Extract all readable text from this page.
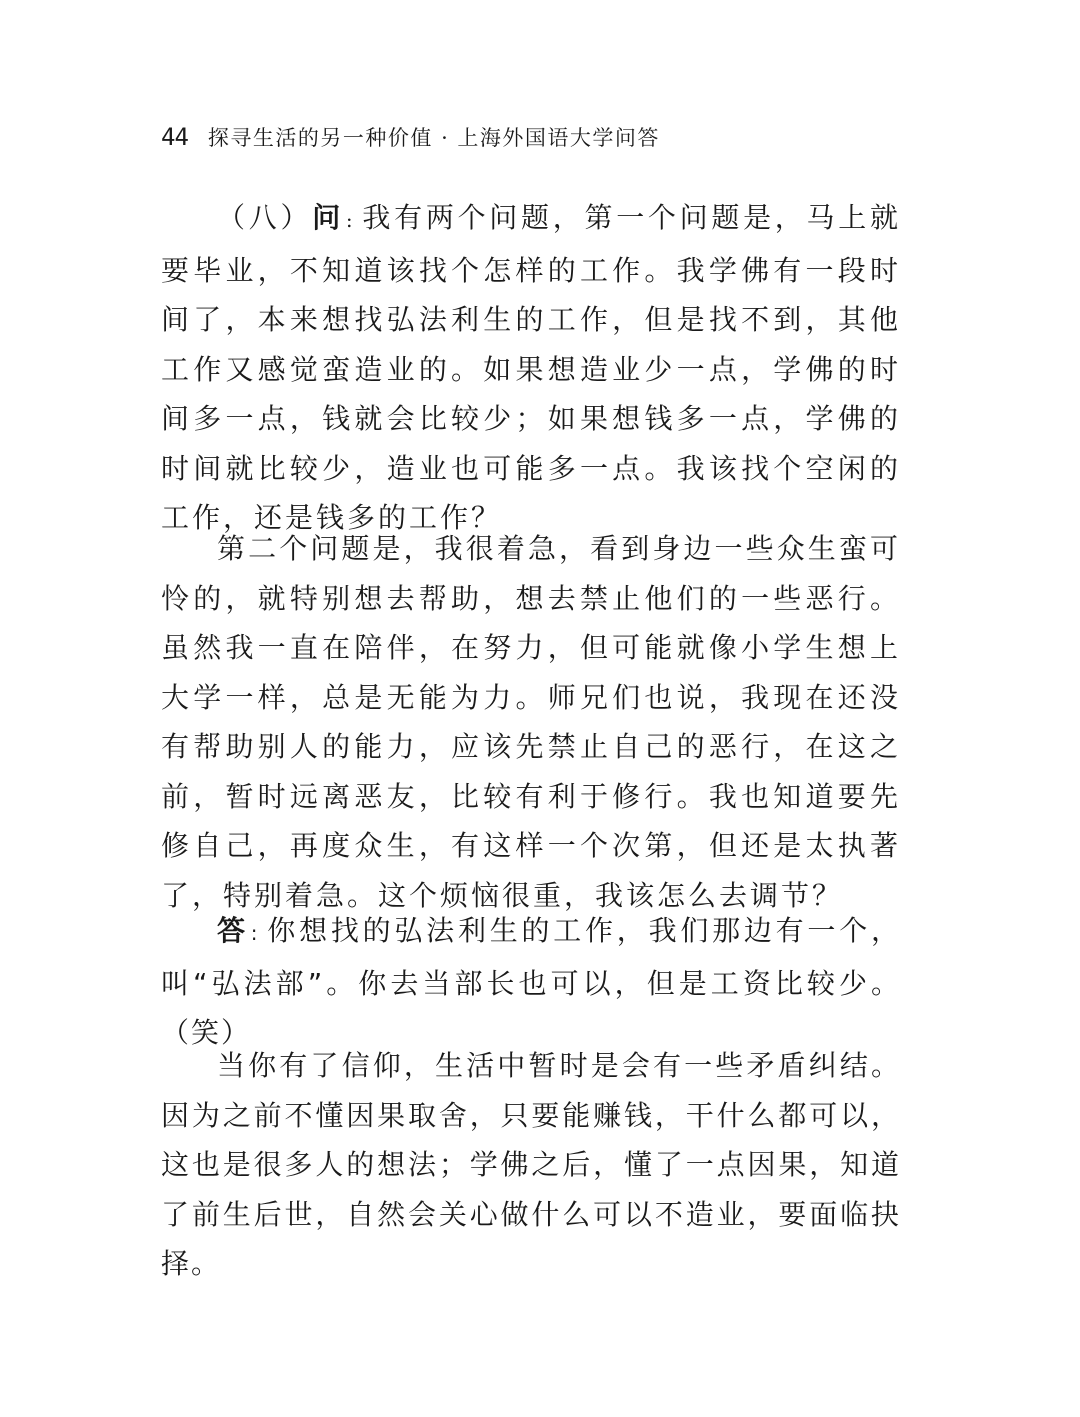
44 探寻生活的另一种价值 · 上海外国语大学问答

（八）问 : 我有两个问题，第一个问题是，马上就要毕业，不知道该找个怎样的工作。我学佛有一段时间了，本来想找弘法利生的工作，但是找不到，其他工作又感觉蛮造业的。如果想造业少一点，学佛的时间多一点，钱就会比较少；如果想钱多一点，学佛的时间就比较少，造业也可能多一点。我该找个空闲的工作，还是钱多的工作？

第二个问题是，我很着急，看到身边一些众生蛮可怜的，就特别想去帮助，想去禁止他们的一些恶行。虽然我一直在陪伴，在努力，但可能就像小学生想上大学一样，总是无能为力。师兄们也说，我现在还没有帮助别人的能力，应该先禁止自己的恶行，在这之前，暂时远离恶友，比较有利于修行。我也知道要先修自己，再度众生，有这样一个次第，但还是太执著了，特别着急。这个烦恼很重，我该怎么去调节？

答 : 你想找的弘法利生的工作，我们那边有一个，叫“弘法部”。你去当部长也可以，但是工资比较少。（笑）

当你有了信仰，生活中暂时是会有一些矛盾纠结。因为之前不懂因果取舍，只要能赚钱，干什么都可以，这也是很多人的想法；学佛之后，懂了一点因果，知道了前生后世，自然会关心做什么可以不造业，要面临抉择。
